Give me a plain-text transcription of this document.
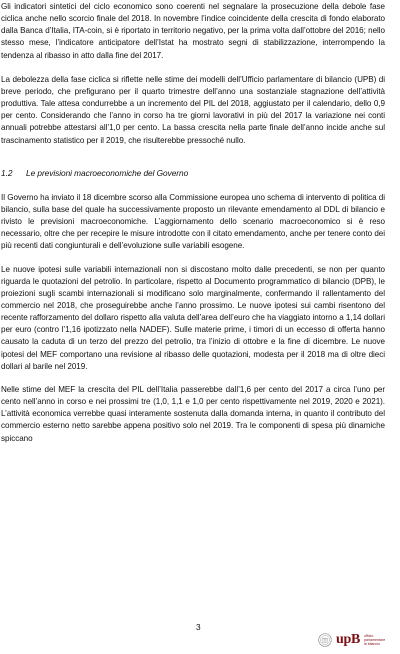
Gli indicatori sintetici del ciclo economico sono coerenti nel segnalare la prosecuzione della debole fase ciclica anche nello scorcio finale del 2018. In novembre l’indice coincidente della crescita di fondo elaborato dalla Banca d’Italia, ITA-coin, si è riportato in territorio negativo, per la prima volta dall’ottobre del 2016; nello stesso mese, l’indicatore anticipatore dell’Istat ha mostrato segni di stabilizzazione, interrompendo la tendenza al ribasso in atto dalla fine del 2017.

La debolezza della fase ciclica si riflette nelle stime dei modelli dell’Ufficio parlamentare di bilancio (UPB) di breve periodo, che prefigurano per il quarto trimestre dell’anno una sostanziale stagnazione dell’attività produttiva. Tale attesa condurrebbe a un incremento del PIL del 2018, aggiustato per il calendario, dello 0,9 per cento. Considerando che l’anno in corso ha tre giorni lavorativi in più del 2017 la variazione nei conti annuali potrebbe attestarsi all’1,0 per cento. La bassa crescita nella parte finale dell’anno incide anche sul trascinamento statistico per il 2019, che risulterebbe pressoché nullo.

1.2	Le previsioni macroeconomiche del Governo

Il Governo ha inviato il 18 dicembre scorso alla Commissione europea uno schema di intervento di politica di bilancio, sulla base del quale ha successivamente proposto un rilevante emendamento al DDL di bilancio e rivisto le previsioni macroeconomiche. L’aggiornamento dello scenario macroeconomico si è reso necessario, oltre che per recepire le misure introdotte con il citato emendamento, anche per tenere conto dei più recenti dati congiunturali e dell’evoluzione sulle variabili esogene.

Le nuove ipotesi sulle variabili internazionali non si discostano molto dalle precedenti, se non per quanto riguarda le quotazioni del petrolio. In particolare, rispetto al Documento programmatico di bilancio (DPB), le proiezioni sugli scambi internazionali si modificano solo marginalmente, confermando il rallentamento del commercio nel 2018, che proseguirebbe anche l’anno prossimo. Le nuove ipotesi sui cambi risentono del recente rafforzamento del dollaro rispetto alla valuta dell’area dell’euro che ha viaggiato intorno a 1,14 dollari per euro (contro l’1,16 ipotizzato nella NADEF). Sulle materie prime, i timori di un eccesso di offerta hanno causato la caduta di un terzo del prezzo del petrolio, tra l’inizio di ottobre e la fine di dicembre. Le nuove ipotesi del MEF comportano una revisione al ribasso delle quotazioni, modesta per il 2018 ma di oltre dieci dollari al barile nel 2019.

Nelle stime del MEF la crescita del PIL dell’Italia passerebbe dall’1,6 per cento del 2017 a circa l’uno per cento nell’anno in corso e nei prossimi tre (1,0, 1,1 e 1,0 per cento rispettivamente nel 2019, 2020 e 2021). L’attività economica verrebbe quasi interamente sostenuta dalla domanda interna, in quanto il contributo del commercio esterno netto sarebbe appena positivo solo nel 2019. Tra le componenti di spesa più dinamiche spiccano

3
upB ufficio
parlamentare
di bilancio
